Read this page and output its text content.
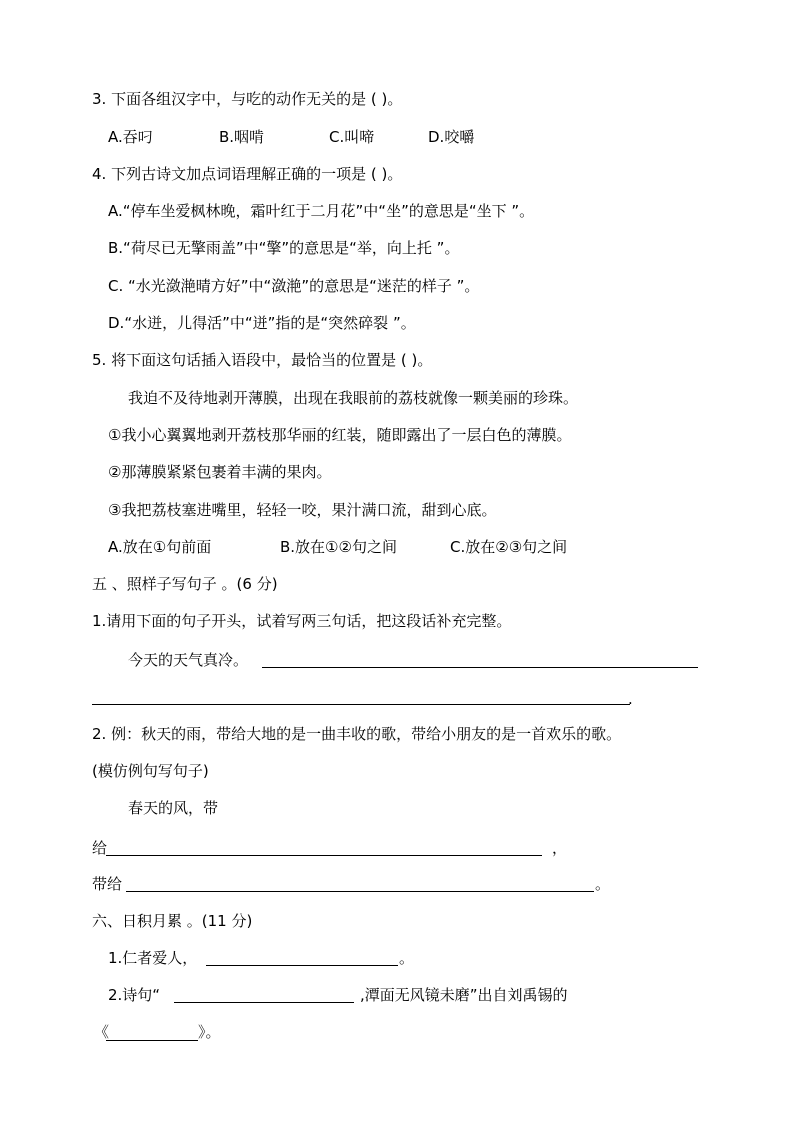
3. 下面各组汉字中，与吃的动作无关的是 ( )。
A.吞叼	B.咽啃	C.叫啼	D.咬嚼
4. 下列古诗文加点词语理解正确的一项是 ( )。
A.“停车坐爱枫林晚，霜叶红于二月花”中“坐”的意思是“坐下 ”。
B.“荷尽已无擎雨盖”中“擎”的意思是“举，向上托 ”。
C. “水光潋滟晴方好”中“潋滟”的意思是“迷茫的样子 ”。
D.“水迸，儿得活”中“迸”指的是“突然碎裂 ”。
5. 将下面这句话插入语段中，最恰当的位置是 ( )。
我迫不及待地剥开薄膜，出现在我眼前的荔枝就像一颗美丽的珍珠。
①我小心翼翼地剥开荔枝那华丽的红装，随即露出了一层白色的薄膜。
②那薄膜紧紧包裹着丰满的果肉。
③我把荔枝塞进嘴里，轻轻一咬，果汁满口流，甜到心底。
A.放在①句前面	B.放在①②句之间	C.放在②③句之间
五 、照样子写句子 。(6 分)
1.请用下面的句子开头，试着写两三句话，把这段话补充完整。
今天的天气真冷。
.
2. 例：秋天的雨，带给大地的是一曲丰收的歌，带给小朋友的是一首欢乐的歌。
(模仿例句写句子)
春天的风，带
给	，
带给	。
六、日积月累 。(11 分)
1.仁者爱人，	。
2.诗句“	,潭面无风镜未磨”出自刘禹锡的
《	》。
